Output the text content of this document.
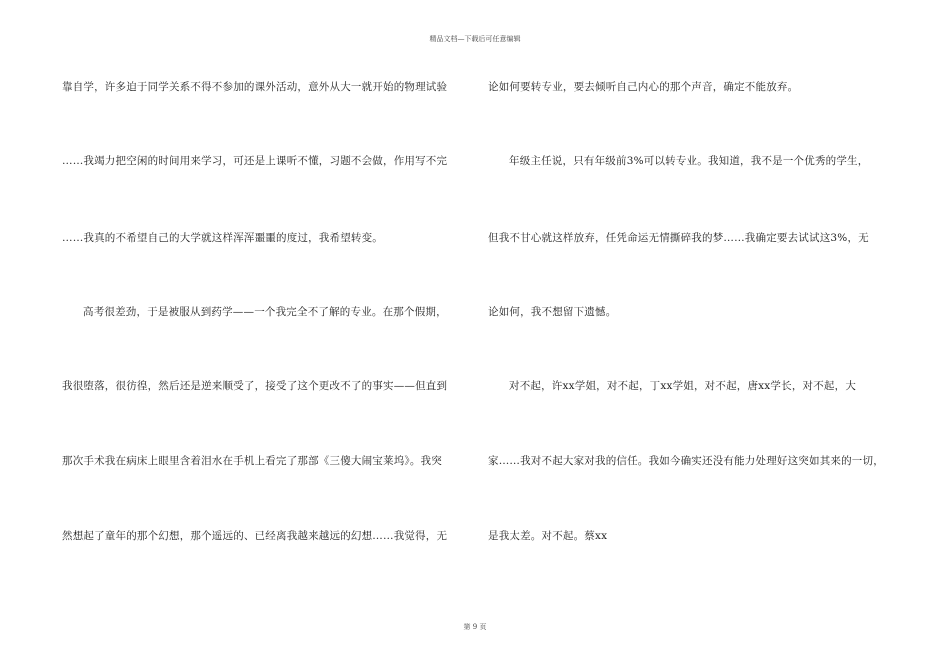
精品文档—下载后可任意编辑
靠自学，许多迫于同学关系不得不参加的课外活动，意外从大一就开始的物理试验
……我竭力把空闲的时间用来学习，可还是上课听不懂，习题不会做，作用写不完
……我真的不希望自己的大学就这样浑浑噩噩的度过，我希望转变。
高考很差劲，于是被服从到药学——一个我完全不了解的专业。在那个假期，
我很堕落，很彷徨，然后还是逆来顺受了，接受了这个更改不了的事实——但直到
那次手术我在病床上眼里含着泪水在手机上看完了那部《三傻大闹宝莱坞》。我突
然想起了童年的那个幻想，那个遥远的、已经离我越来越远的幻想……我觉得，无
论如何要转专业，要去倾听自己内心的那个声音，确定不能放弃。
年级主任说，只有年级前3%可以转专业。我知道，我不是一个优秀的学生，
但我不甘心就这样放弃，任凭命运无情撕碎我的梦……我确定要去试试这3%，无
论如何，我不想留下遗憾。
对不起，许xx学姐，对不起，丁xx学姐，对不起，唐xx学长，对不起，大
家……我对不起大家对我的信任。我如今确实还没有能力处理好这突如其来的一切，
是我太差。对不起。蔡xx
第 9 页
